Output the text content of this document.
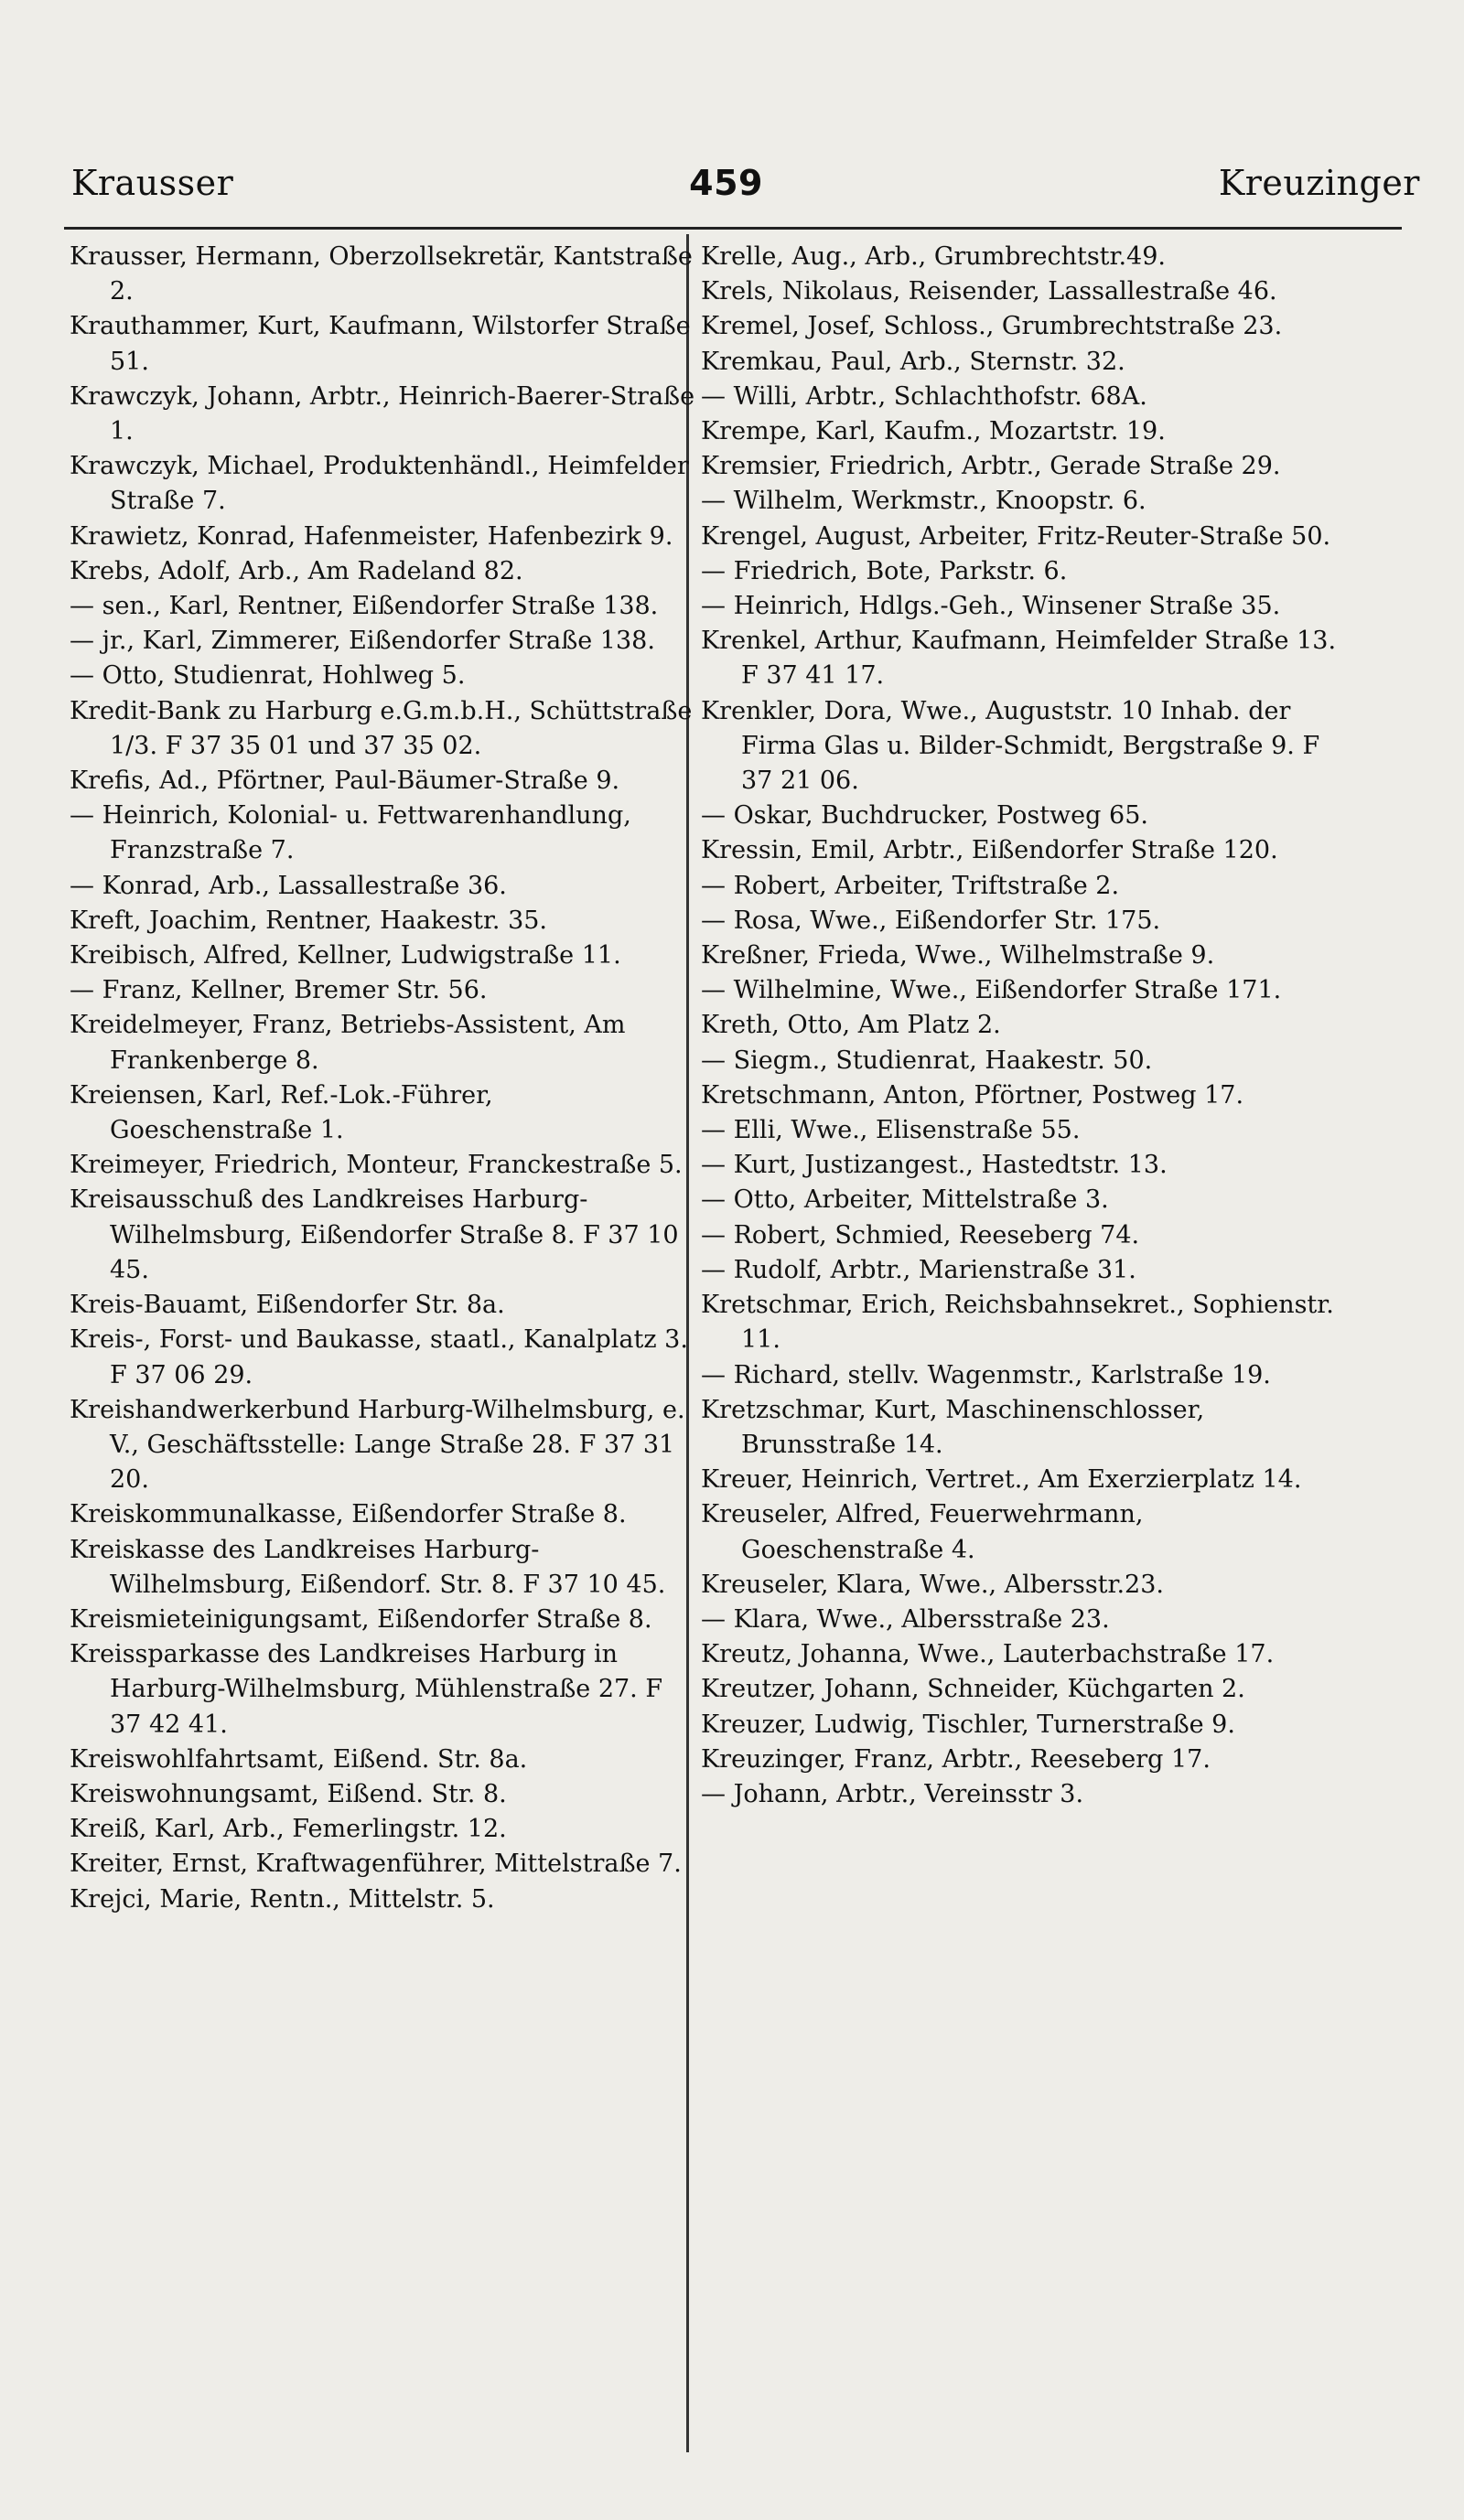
Krausser	459	Kreuzinger

Krausser, Hermann, Oberzollsekretär, Kantstraße 2.

Krauthammer, Kurt, Kaufmann, Wilstorfer Straße 51.

Krawczyk, Johann, Arbtr., Heinrich-Baerer-Straße 1.

Krawczyk, Michael, Produktenhändl., Heimfelder Straße 7.

Krawietz, Konrad, Hafenmeister, Hafenbezirk 9.

Krebs, Adolf, Arb., Am Radeland 82.

— sen., Karl, Rentner, Eißendorfer Straße 138.

— jr., Karl, Zimmerer, Eißendorfer Straße 138.

— Otto, Studienrat, Hohlweg 5.

Kredit-Bank zu Harburg e.G.m.b.H., Schüttstraße 1/3. F 37 35 01 und 37 35 02.

Krefis, Ad., Pförtner, Paul-Bäumer-Straße 9.

— Heinrich, Kolonial- u. Fettwarenhandlung, Franzstraße 7.

— Konrad, Arb., Lassallestraße 36.

Kreft, Joachim, Rentner, Haakestr. 35.

Kreibisch, Alfred, Kellner, Ludwigstraße 11.

— Franz, Kellner, Bremer Str. 56.

Kreidelmeyer, Franz, Betriebs-Assistent, Am Frankenberge 8.

Kreiensen, Karl, Ref.-Lok.-Führer, Goeschenstraße 1.

Kreimeyer, Friedrich, Monteur, Franckestraße 5.

Kreisausschuß des Landkreises Harburg-Wilhelmsburg, Eißendorfer Straße 8. F 37 10 45.

Kreis-Bauamt, Eißendorfer Str. 8a.

Kreis-, Forst- und Baukasse, staatl., Kanalplatz 3. F 37 06 29.

Kreishandwerkerbund Harburg-Wilhelmsburg, e. V., Geschäftsstelle: Lange Straße 28. F 37 31 20.

Kreiskommunalkasse, Eißendorfer Straße 8.

Kreiskasse des Landkreises Harburg-Wilhelmsburg, Eißendorf. Str. 8. F 37 10 45.

Kreismieteinigungsamt, Eißendorfer Straße 8.

Kreissparkasse des Landkreises Harburg in Harburg-Wilhelmsburg, Mühlenstraße 27. F 37 42 41.

Kreiswohlfahrtsamt, Eißend. Str. 8a.

Kreiswohnungsamt, Eißend. Str. 8.

Kreiß, Karl, Arb., Femerlingstr. 12.

Kreiter, Ernst, Kraftwagenführer, Mittelstraße 7.

Krejci, Marie, Rentn., Mittelstr. 5.

Krelle, Aug., Arb., Grumbrechtstr.49.

Krels, Nikolaus, Reisender, Lassallestraße 46.

Kremel, Josef, Schloss., Grumbrechtstraße 23.

Kremkau, Paul, Arb., Sternstr. 32.

— Willi, Arbtr., Schlachthofstr. 68A.

Krempe, Karl, Kaufm., Mozartstr. 19.

Kremsier, Friedrich, Arbtr., Gerade Straße 29.

— Wilhelm, Werkmstr., Knoopstr. 6.

Krengel, August, Arbeiter, Fritz-Reuter-Straße 50.

— Friedrich, Bote, Parkstr. 6.

— Heinrich, Hdlgs.-Geh., Winsener Straße 35.

Krenkel, Arthur, Kaufmann, Heimfelder Straße 13. F 37 41 17.

Krenkler, Dora, Wwe., Auguststr. 10 Inhab. der Firma Glas u. Bilder-Schmidt, Bergstraße 9. F 37 21 06.

— Oskar, Buchdrucker, Postweg 65.

Kressin, Emil, Arbtr., Eißendorfer Straße 120.

— Robert, Arbeiter, Triftstraße 2.

— Rosa, Wwe., Eißendorfer Str. 175.

Kreßner, Frieda, Wwe., Wilhelmstraße 9.

— Wilhelmine, Wwe., Eißendorfer Straße 171.

Kreth, Otto, Am Platz 2.

— Siegm., Studienrat, Haakestr. 50.

Kretschmann, Anton, Pförtner, Postweg 17.

— Elli, Wwe., Elisenstraße 55.

— Kurt, Justizangest., Hastedtstr. 13.

— Otto, Arbeiter, Mittelstraße 3.

— Robert, Schmied, Reeseberg 74.

— Rudolf, Arbtr., Marienstraße 31.

Kretschmar, Erich, Reichsbahnsekret., Sophienstr. 11.

— Richard, stellv. Wagenmstr., Karlstraße 19.

Kretzschmar, Kurt, Maschinenschlosser, Brunsstraße 14.

Kreuer, Heinrich, Vertret., Am Exerzierplatz 14.

Kreuseler, Alfred, Feuerwehrmann, Goeschenstraße 4.

Kreuseler, Klara, Wwe., Albersstr.23.

— Klara, Wwe., Albersstraße 23.

Kreutz, Johanna, Wwe., Lauterbachstraße 17.

Kreutzer, Johann, Schneider, Küchgarten 2.

Kreuzer, Ludwig, Tischler, Turnerstraße 9.

Kreuzinger, Franz, Arbtr., Reeseberg 17.

— Johann, Arbtr., Vereinsstr 3.
